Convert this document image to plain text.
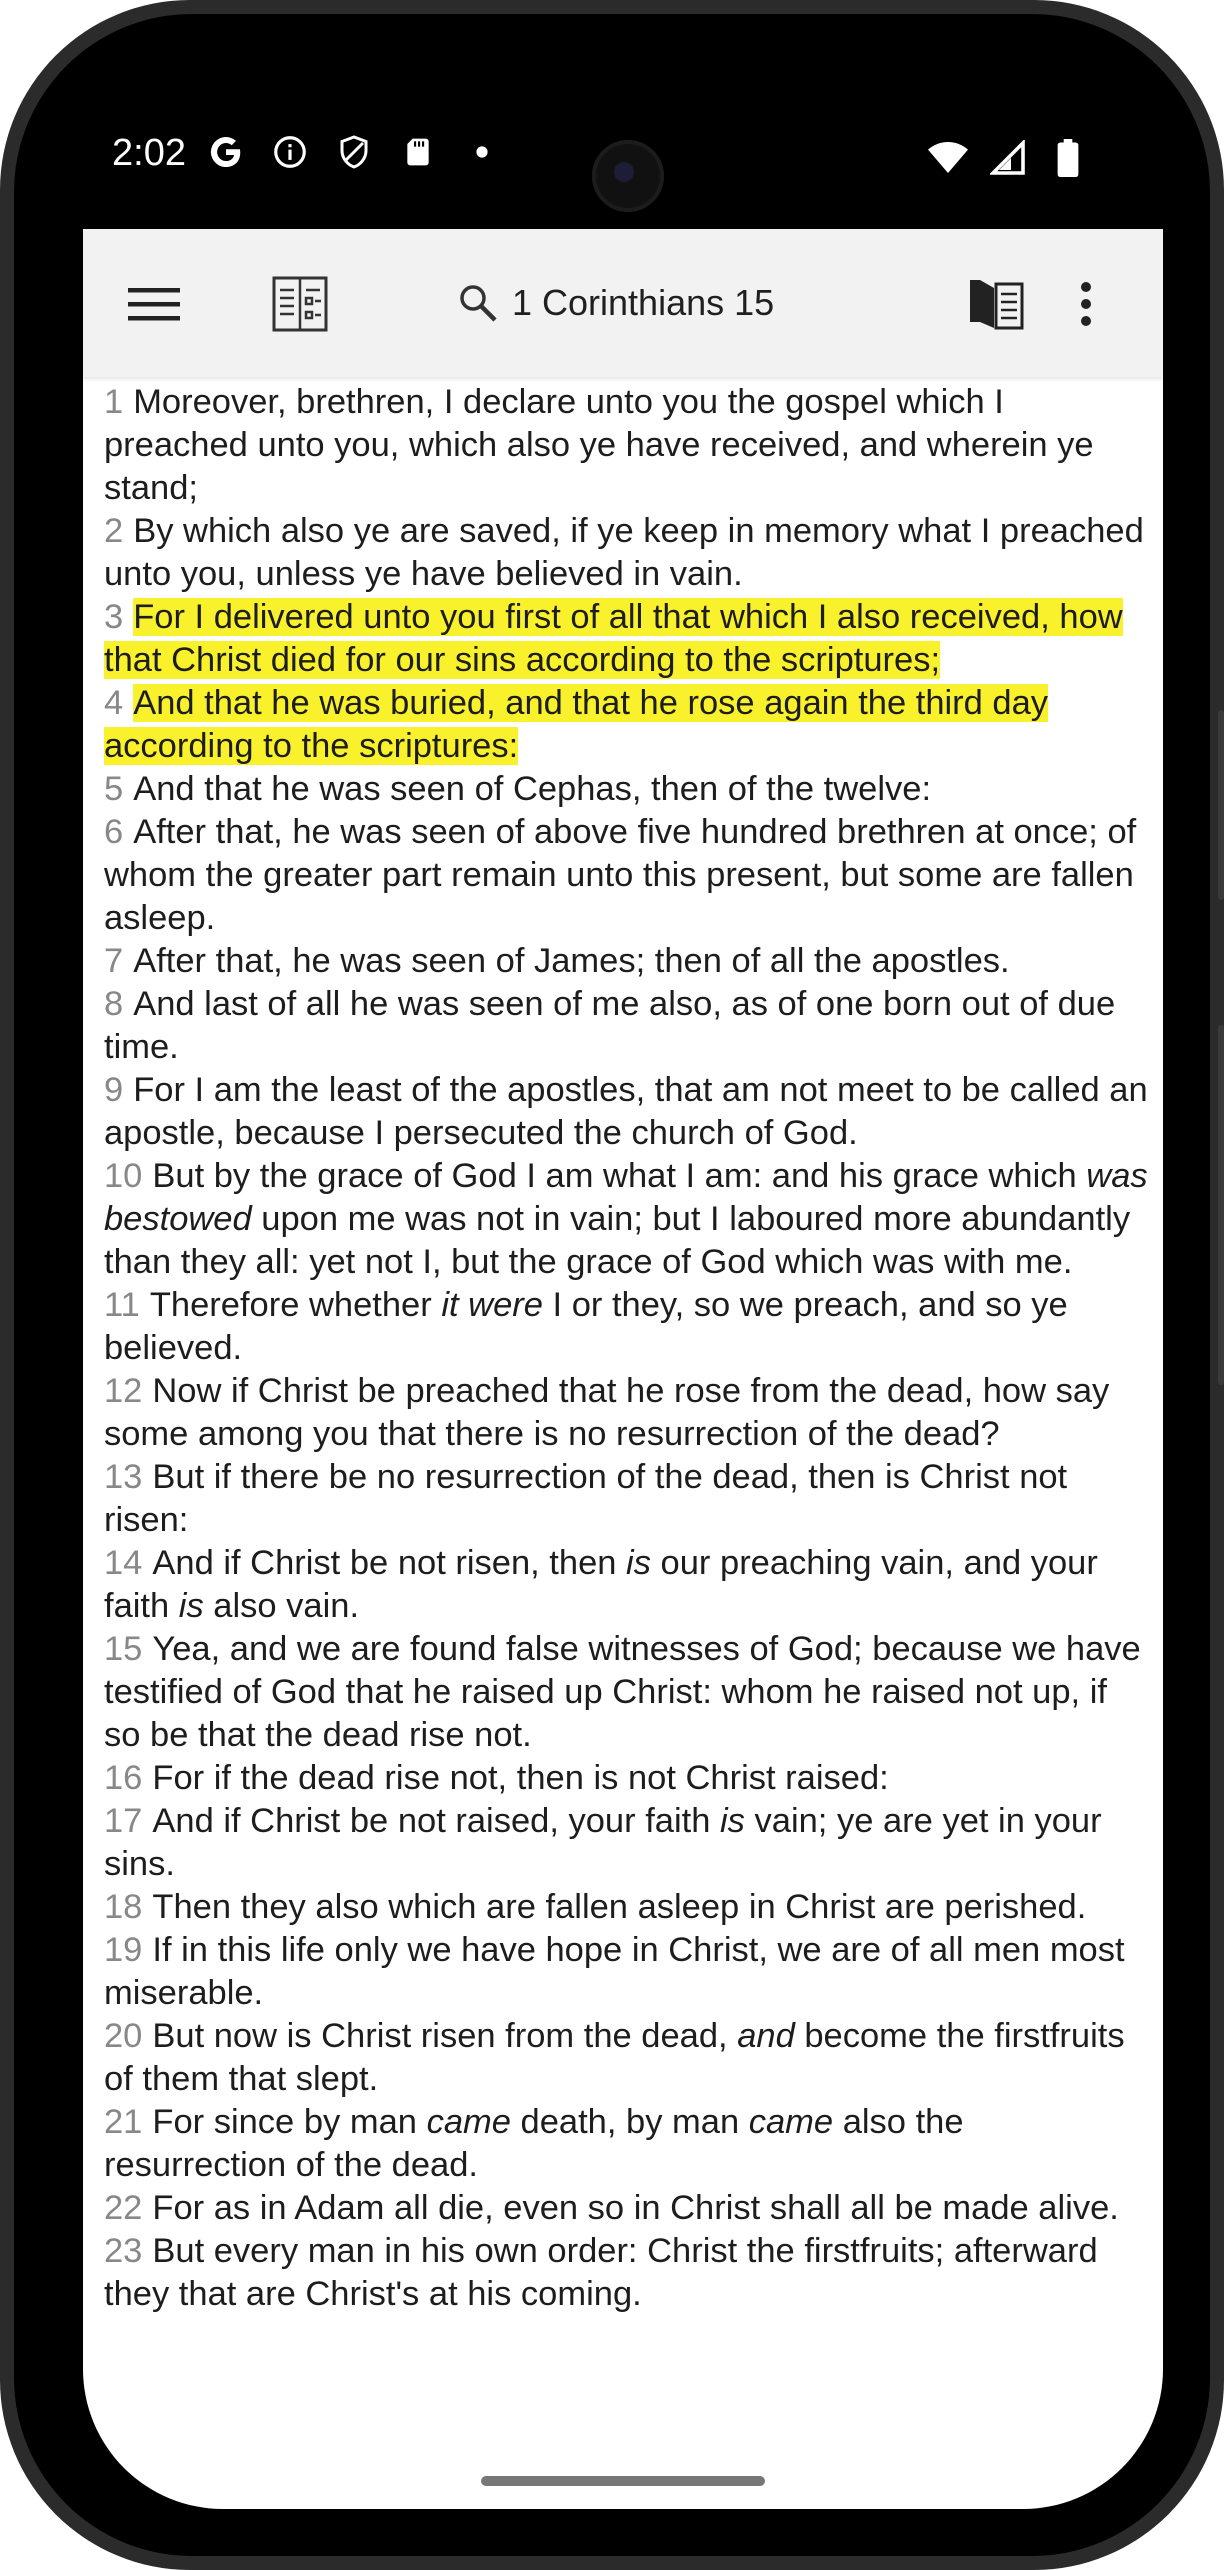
2:02
1 Corinthians 15
1 Moreover, brethren, I declare unto you the gospel which I preached unto you, which also ye have received, and wherein ye stand;
2 By which also ye are saved, if ye keep in memory what I preached unto you, unless ye have believed in vain.
3 For I delivered unto you first of all that which I also received, how that Christ died for our sins according to the scriptures;
4 And that he was buried, and that he rose again the third day according to the scriptures:
5 And that he was seen of Cephas, then of the twelve:
6 After that, he was seen of above five hundred brethren at once; of whom the greater part remain unto this present, but some are fallen asleep.
7 After that, he was seen of James; then of all the apostles.
8 And last of all he was seen of me also, as of one born out of due time.
9 For I am the least of the apostles, that am not meet to be called an apostle, because I persecuted the church of God.
10 But by the grace of God I am what I am: and his grace which was bestowed upon me was not in vain; but I laboured more abundantly than they all: yet not I, but the grace of God which was with me.
11 Therefore whether it were I or they, so we preach, and so ye believed.
12 Now if Christ be preached that he rose from the dead, how say some among you that there is no resurrection of the dead?
13 But if there be no resurrection of the dead, then is Christ not risen:
14 And if Christ be not risen, then is our preaching vain, and your faith is also vain.
15 Yea, and we are found false witnesses of God; because we have testified of God that he raised up Christ: whom he raised not up, if so be that the dead rise not.
16 For if the dead rise not, then is not Christ raised:
17 And if Christ be not raised, your faith is vain; ye are yet in your sins.
18 Then they also which are fallen asleep in Christ are perished.
19 If in this life only we have hope in Christ, we are of all men most miserable.
20 But now is Christ risen from the dead, and become the firstfruits of them that slept.
21 For since by man came death, by man came also the resurrection of the dead.
22 For as in Adam all die, even so in Christ shall all be made alive.
23 But every man in his own order: Christ the firstfruits; afterward they that are Christ's at his coming.
